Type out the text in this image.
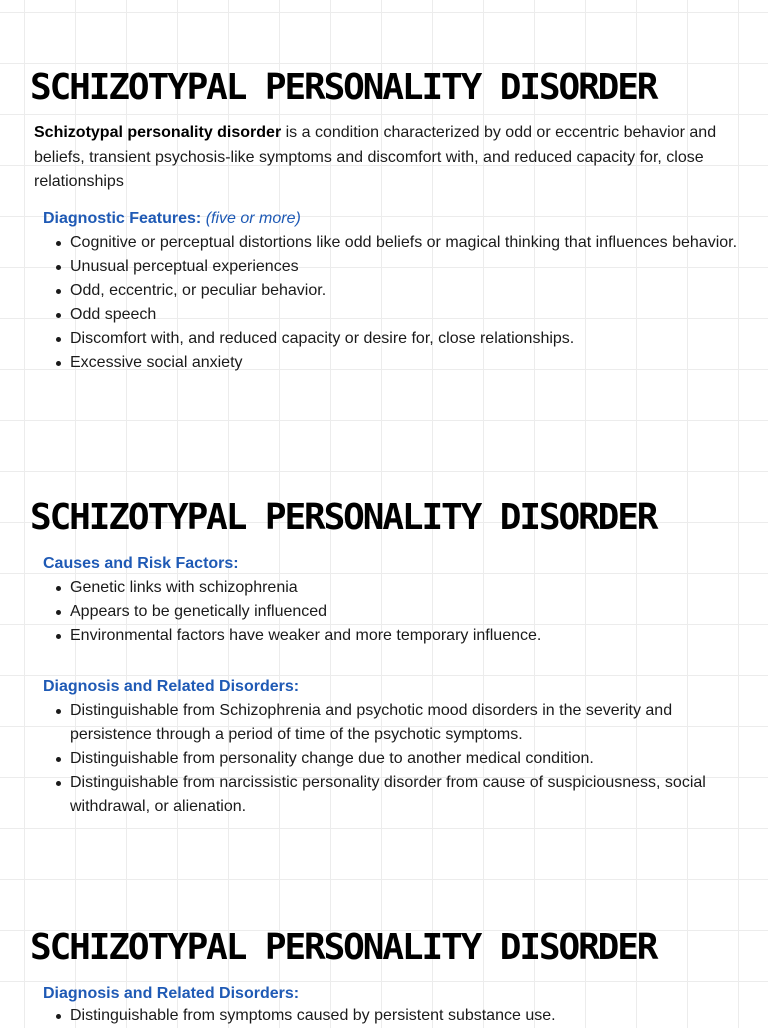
SCHIZOTYPAL PERSONALITY DISORDER

Schizotypal personality disorder is a condition characterized by odd or eccentric behavior and beliefs, transient psychosis-like symptoms and discomfort with, and reduced capacity for, close relationships

Diagnostic Features: (five or more)
Cognitive or perceptual distortions like odd beliefs or magical thinking that influences behavior.
Unusual perceptual experiences
Odd, eccentric, or peculiar behavior.
Odd speech
Discomfort with, and reduced capacity or desire for, close relationships.
Excessive social anxiety
SCHIZOTYPAL PERSONALITY DISORDER
Causes and Risk Factors:
Genetic links with schizophrenia
Appears to be genetically influenced
Environmental factors have weaker and more temporary influence.
Diagnosis and Related Disorders:
Distinguishable from Schizophrenia and psychotic mood disorders in the severity and persistence through a period of time of the psychotic symptoms.
Distinguishable from personality change due to another medical condition.
Distinguishable from narcissistic personality disorder from cause of suspiciousness, social withdrawal, or alienation.
SCHIZOTYPAL PERSONALITY DISORDER
Diagnosis and Related Disorders:
Distinguishable from symptoms caused by persistent substance use.
